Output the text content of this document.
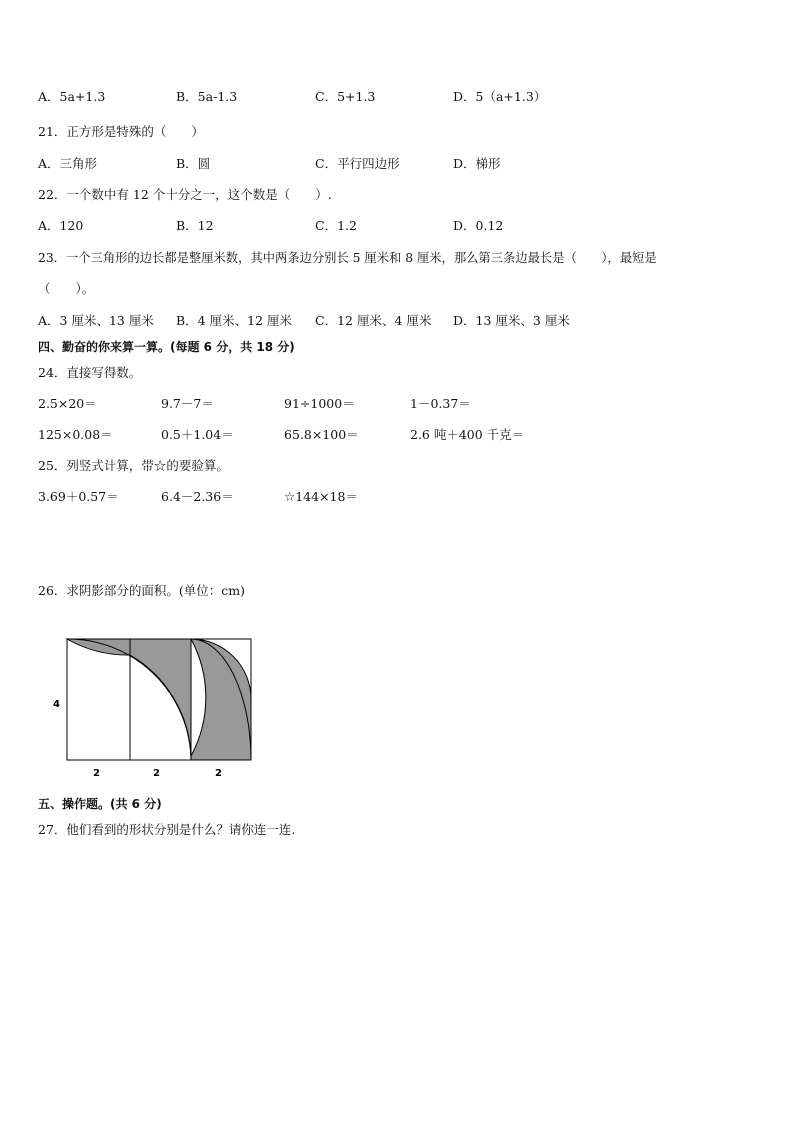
A．5a+1.3	B．5a-1.3	C．5+1.3	D．5（a+1.3）
21．正方形是特殊的（　　）
A．三角形	B．圆	C．平行四边形	D．梯形
22．一个数中有 12 个十分之一，这个数是（　　）.
A．120	B．12	C．1.2	D．0.12
23．一个三角形的边长都是整厘米数，其中两条边分别长 5 厘米和 8 厘米，那么第三条边最长是（　　），最短是
（　　）。
A．3 厘米、13 厘米 B．4 厘米、12 厘米 C．12 厘米、4 厘米 D．13 厘米、3 厘米
四、勤奋的你来算一算。(每题 6 分，共 18 分)
24．直接写得数。
2.5×20＝	9.7－7＝	91÷1000＝	1－0.37＝
125×0.08＝	0.5＋1.04＝	65.8×100＝	2.6 吨＋400 千克＝
25．列竖式计算，带☆的要验算。
3.69＋0.57＝	6.4－2.36＝	☆144×18＝
26．求阴影部分的面积。(单位：cm)
4
2	2	2
五、操作题。(共 6 分)
27．他们看到的形状分别是什么？请你连一连.
